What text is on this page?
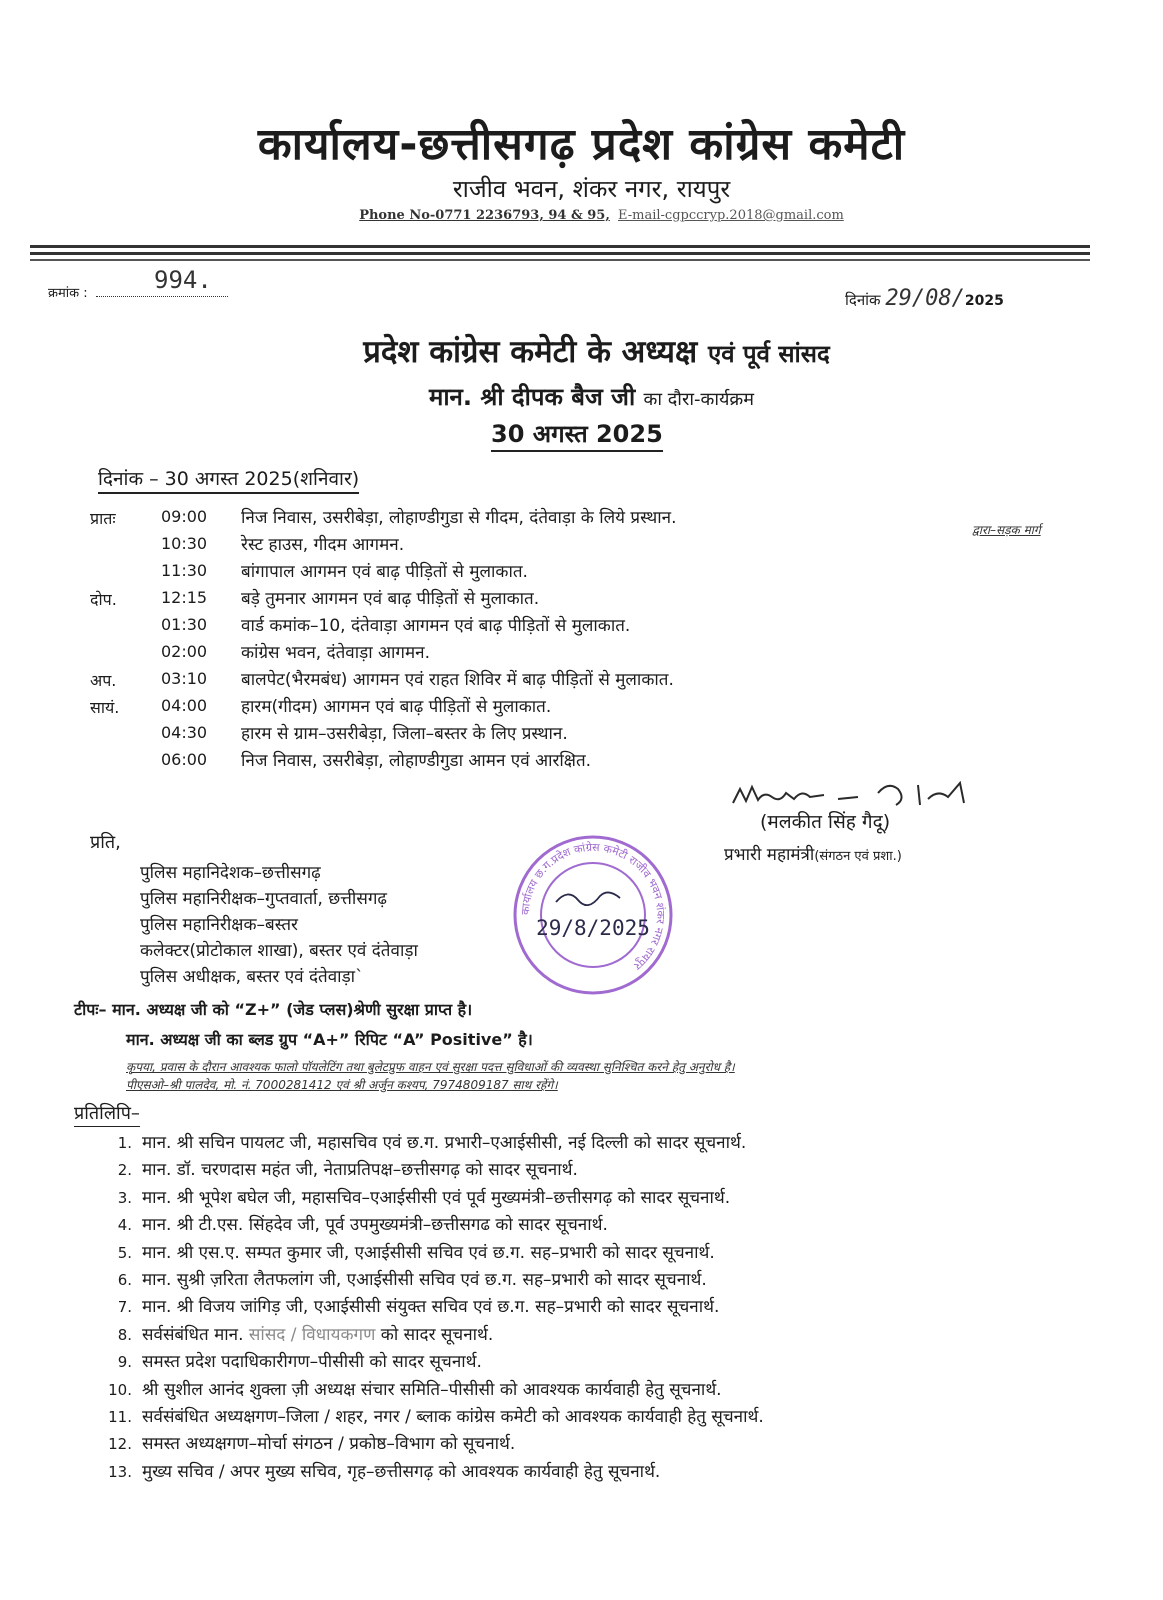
कार्यालय-छत्तीसगढ़ प्रदेश कांग्रेस कमेटी
राजीव भवन, शंकर नगर, रायपुर
Phone No-0771 2236793, 94 & 95, E-mail-cgpccryp.2018@gmail.com
क्रमांक :	994.
दिनांक 29/08/2025
प्रदेश कांग्रेस कमेटी के अध्यक्ष एवं पूर्व सांसद
मान. श्री दीपक बैज जी का दौरा-कार्यक्रम
30 अगस्त 2025
दिनांक – 30 अगस्त 2025(शनिवार)
द्वारा–सड़क मार्ग
प्रातः	09:00 निज निवास, उसरीबेड़ा, लोहाण्डीगुडा से गीदम, दंतेवाड़ा के लिये प्रस्थान.
10:30 रेस्ट हाउस, गीदम आगमन.
11:30 बांगापाल आगमन एवं बाढ़ पीड़ितों से मुलाकात.
दोप.	12:15 बड़े तुमनार आगमन एवं बाढ़ पीड़ितों से मुलाकात.
01:30 वार्ड कमांक–10, दंतेवाड़ा आगमन एवं बाढ़ पीड़ितों से मुलाकात.
02:00 कांग्रेस भवन, दंतेवाड़ा आगमन.
अप.	03:10 बालपेट(भैरमबंध) आगमन एवं राहत शिविर में बाढ़ पीड़ितों से मुलाकात.
सायं.	04:00 हारम(गीदम) आगमन एवं बाढ़ पीड़ितों से मुलाकात.
04:30 हारम से ग्राम–उसरीबेड़ा, जिला–बस्तर के लिए प्रस्थान.
06:00 निज निवास, उसरीबेड़ा, लोहाण्डीगुडा आमन एवं आरक्षित.
(मलकीत सिंह गैदू)
प्रभारी महामंत्री(संगठन एवं प्रशा.)
प्रति,
पुलिस महानिदेशक–छत्तीसगढ़
पुलिस महानिरीक्षक–गुप्तवार्ता, छत्तीसगढ़
पुलिस महानिरीक्षक–बस्तर
कलेक्टर(प्रोटोकाल शाखा), बस्तर एवं दंतेवाड़ा
पुलिस अधीक्षक, बस्तर एवं दंतेवाड़ा`
कार्यालय छ.ग.प्रदेश कांग्रेस कमेटी राजीव भवन शंकर नगर रायपुर
29/8/2025
टीपः– मान. अध्यक्ष जी को “Z+” (जेड प्लस)श्रेणी सुरक्षा प्राप्त है।
मान. अध्यक्ष जी का ब्लड ग्रुप “A+” रिपिट “A” Positive” है।
कृपया, प्रवास के दौरान आवश्यक फालो पॉयलेटिंग तथा बुलेटप्रुफ वाहन एवं सुरक्षा पदत्त सुविधाओं की व्यवस्था सुनिश्चित करने हेतु अनुरोध है।
पीएसओ–श्री पालदेव, मो. नं. 7000281412 एवं श्री अर्जुन कश्यप, 7974809187 साथ रहेंगे।
प्रतिलिपि–
1. मान. श्री सचिन पायलट जी, महासचिव एवं छ.ग. प्रभारी–एआईसीसी, नई दिल्ली को सादर सूचनार्थ.
2. मान. डॉ. चरणदास महंत जी, नेताप्रतिपक्ष–छत्तीसगढ़ को सादर सूचनार्थ.
3. मान. श्री भूपेश बघेल जी, महासचिव–एआईसीसी एवं पूर्व मुख्यमंत्री–छत्तीसगढ़ को सादर सूचनार्थ.
4. मान. श्री टी.एस. सिंहदेव जी, पूर्व उपमुख्यमंत्री–छत्तीसगढ को सादर सूचनार्थ.
5. मान. श्री एस.ए. सम्पत कुमार जी, एआईसीसी सचिव एवं छ.ग. सह–प्रभारी को सादर सूचनार्थ.
6. मान. सुश्री ज़रिता लैतफलांग जी, एआईसीसी सचिव एवं छ.ग. सह–प्रभारी को सादर सूचनार्थ.
7. मान. श्री विजय जांगिड़ जी, एआईसीसी संयुक्त सचिव एवं छ.ग. सह–प्रभारी को सादर सूचनार्थ.
8. सर्वसंबंधित मान. सांसद / विधायकगण को सादर सूचनार्थ.
9. समस्त प्रदेश पदाधिकारीगण–पीसीसी को सादर सूचनार्थ.
10. श्री सुशील आनंद शुक्ला ज़ी अध्यक्ष संचार समिति–पीसीसी को आवश्यक कार्यवाही हेतु सूचनार्थ.
11. सर्वसंबंधित अध्यक्षगण–जिला / शहर, नगर / ब्लाक कांग्रेस कमेटी को आवश्यक कार्यवाही हेतु सूचनार्थ.
12. समस्त अध्यक्षगण–मोर्चा संगठन / प्रकोष्ठ–विभाग को सूचनार्थ.
13. मुख्य सचिव / अपर मुख्य सचिव, गृह–छत्तीसगढ़ को आवश्यक कार्यवाही हेतु सूचनार्थ.
